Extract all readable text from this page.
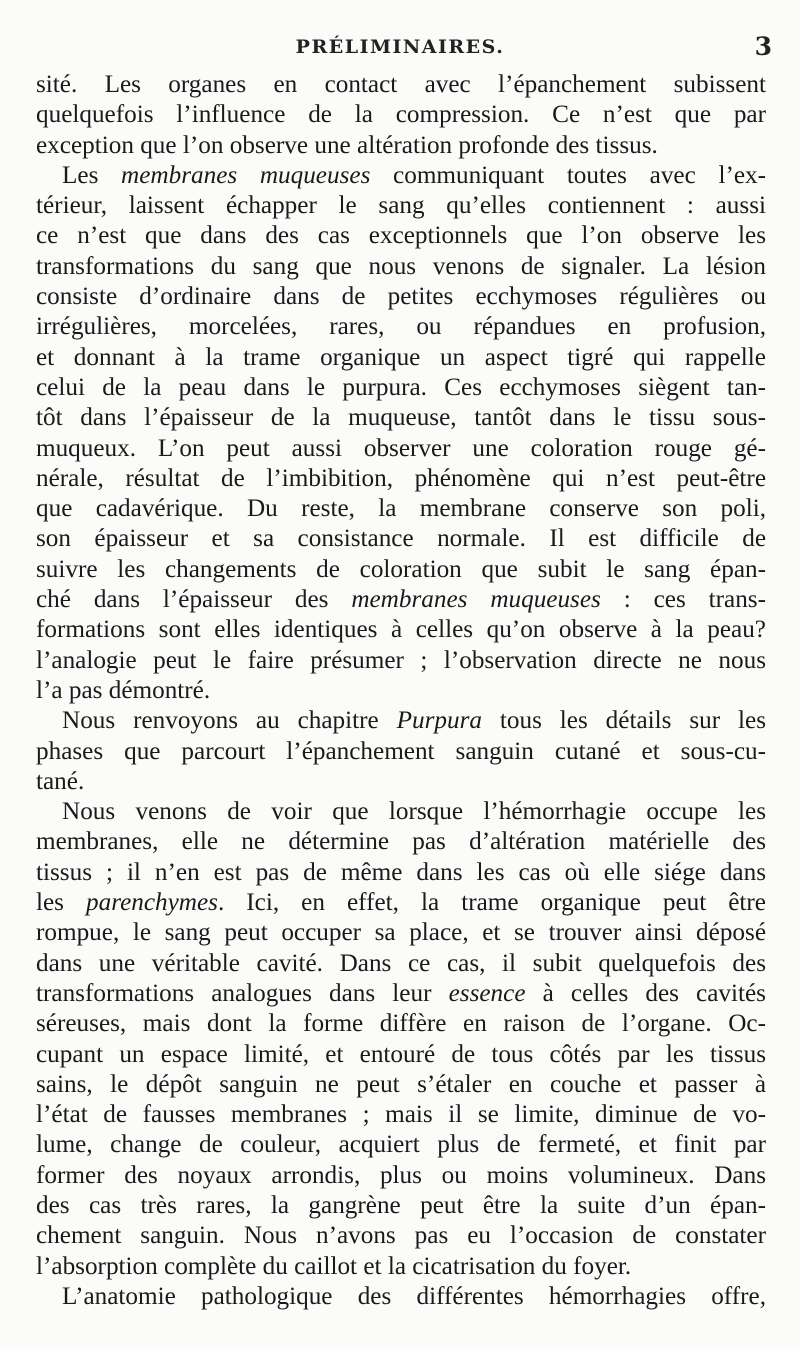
PRÉLIMINAIRES.	3

sité. Les organes en contact avec l’épanchement subissent
quelquefois l’influence de la compression. Ce n’est que par
exception que l’on observe une altération profonde des tissus.

Les membranes muqueuses communiquant toutes avec l’ex-
térieur, laissent échapper le sang qu’elles contiennent : aussi
ce n’est que dans des cas exceptionnels que l’on observe les
transformations du sang que nous venons de signaler. La lésion
consiste d’ordinaire dans de petites ecchymoses régulières ou
irrégulières, morcelées, rares, ou répandues en profusion,
et donnant à la trame organique un aspect tigré qui rappelle
celui de la peau dans le purpura. Ces ecchymoses siègent tan-
tôt dans l’épaisseur de la muqueuse, tantôt dans le tissu sous-
muqueux. L’on peut aussi observer une coloration rouge gé-
nérale, résultat de l’imbibition, phénomène qui n’est peut-être
que cadavérique. Du reste, la membrane conserve son poli,
son épaisseur et sa consistance normale. Il est difficile de
suivre les changements de coloration que subit le sang épan-
ché dans l’épaisseur des membranes muqueuses : ces trans-
formations sont elles identiques à celles qu’on observe à la peau?
l’analogie peut le faire présumer ; l’observation directe ne nous
l’a pas démontré.

Nous renvoyons au chapitre Purpura tous les détails sur les
phases que parcourt l’épanchement sanguin cutané et sous-cu-
tané.

Nous venons de voir que lorsque l’hémorrhagie occupe les
membranes, elle ne détermine pas d’altération matérielle des
tissus ; il n’en est pas de même dans les cas où elle siége dans
les parenchymes. Ici, en effet, la trame organique peut être
rompue, le sang peut occuper sa place, et se trouver ainsi déposé
dans une véritable cavité. Dans ce cas, il subit quelquefois des
transformations analogues dans leur essence à celles des cavités
séreuses, mais dont la forme diffère en raison de l’organe. Oc-
cupant un espace limité, et entouré de tous côtés par les tissus
sains, le dépôt sanguin ne peut s’étaler en couche et passer à
l’état de fausses membranes ; mais il se limite, diminue de vo-
lume, change de couleur, acquiert plus de fermeté, et finit par
former des noyaux arrondis, plus ou moins volumineux. Dans
des cas très rares, la gangrène peut être la suite d’un épan-
chement sanguin. Nous n’avons pas eu l’occasion de constater
l’absorption complète du caillot et la cicatrisation du foyer.

L’anatomie pathologique des différentes hémorrhagies offre,
